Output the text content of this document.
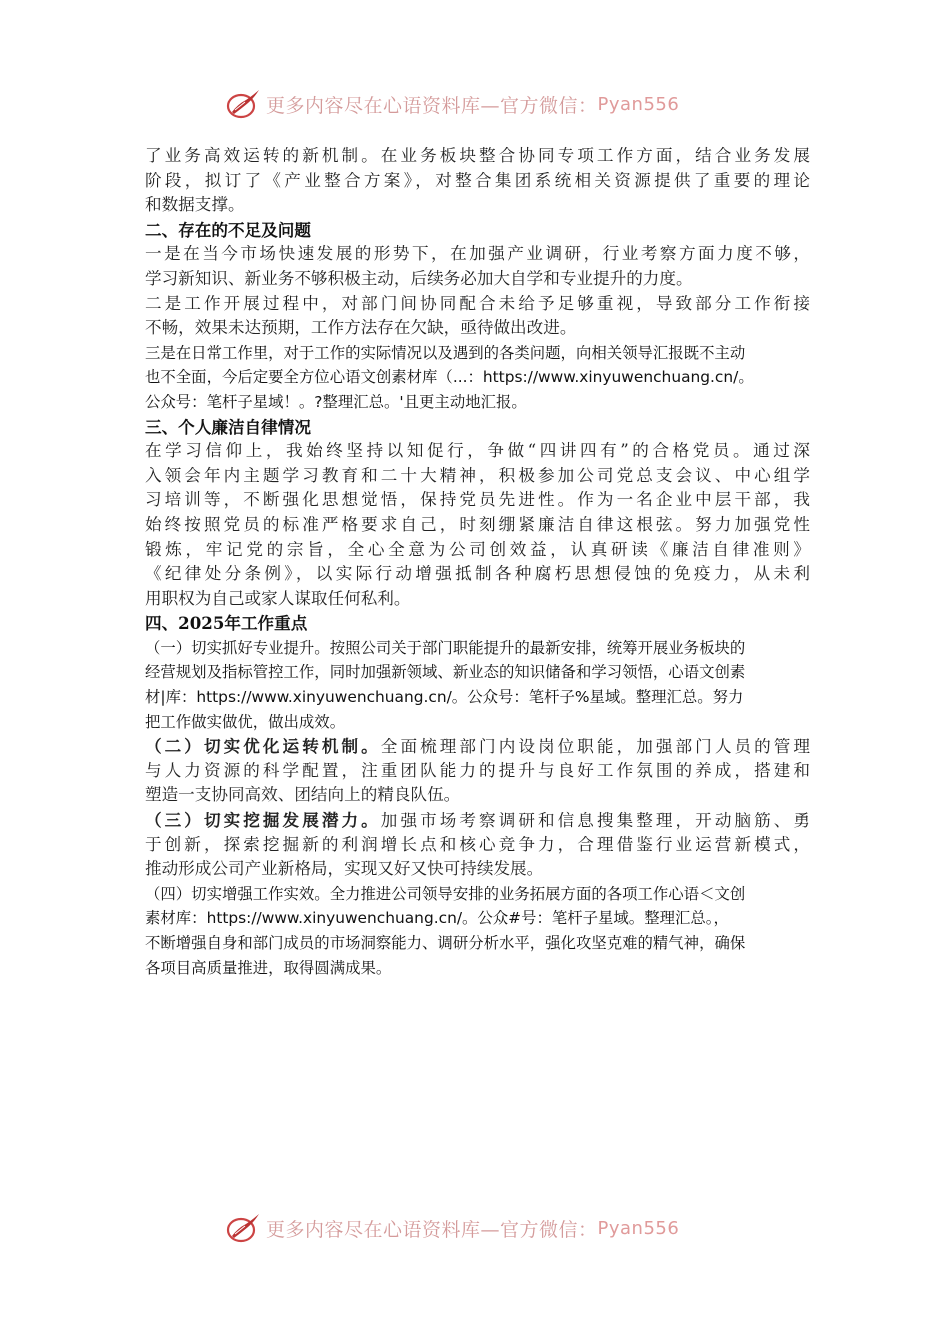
更多内容尽在心语资料库—官方微信： Pyan556
了业务高效运转的新机制。在业务板块整合协同专项工作方面，结合业务发展
阶段，拟订了《产业整合方案》，对整合集团系统相关资源提供了重要的理论
和数据支撑。
二、存在的不足及问题
一是在当今市场快速发展的形势下，在加强产业调研，行业考察方面力度不够，
学习新知识、新业务不够积极主动，后续务必加大自学和专业提升的力度。
二是工作开展过程中，对部门间协同配合未给予足够重视，导致部分工作衔接
不畅，效果未达预期，工作方法存在欠缺，亟待做出改进。
三是在日常工作里，对于工作的实际情况以及遇到的各类问题，向相关领导汇报既不主动
也不全面，今后定要全方位心语文创素材库（...：https://www.xinyuwenchuang.cn/。
公众号：笔杆子星域！。?整理汇总。'且更主动地汇报。
三、个人廉洁自律情况
在学习信仰上，我始终坚持以知促行，争做“四讲四有”的合格党员。通过深
入领会年内主题学习教育和二十大精神，积极参加公司党总支会议、中心组学
习培训等，不断强化思想觉悟，保持党员先进性。作为一名企业中层干部，我
始终按照党员的标准严格要求自己，时刻绷紧廉洁自律这根弦。努力加强党性
锻炼，牢记党的宗旨，全心全意为公司创效益，认真研读《廉洁自律准则》
《纪律处分条例》，以实际行动增强抵制各种腐朽思想侵蚀的免疫力，从未利
用职权为自己或家人谋取任何私利。
四、2025年工作重点
（一）切实抓好专业提升。按照公司关于部门职能提升的最新安排，统筹开展业务板块的
经营规划及指标管控工作，同时加强新领域、新业态的知识储备和学习领悟，心语文创素
材|库：https://www.xinyuwenchuang.cn/。公众号：笔杆子%星域。整理汇总。努力
把工作做实做优，做出成效。
（二）切实优化运转机制。全面梳理部门内设岗位职能，加强部门人员的管理
与人力资源的科学配置，注重团队能力的提升与良好工作氛围的养成，搭建和
塑造一支协同高效、团结向上的精良队伍。
（三）切实挖掘发展潜力。加强市场考察调研和信息搜集整理，开动脑筋、勇
于创新，探索挖掘新的利润增长点和核心竞争力，合理借鉴行业运营新模式，
推动形成公司产业新格局，实现又好又快可持续发展。
（四）切实增强工作实效。全力推进公司领导安排的业务拓展方面的各项工作心语＜文创
素材库：https://www.xinyuwenchuang.cn/。公众#号：笔杆子星域。整理汇总。，
不断增强自身和部门成员的市场洞察能力、调研分析水平，强化攻坚克难的精气神，确保
各项目高质量推进，取得圆满成果。
更多内容尽在心语资料库—官方微信： Pyan556
